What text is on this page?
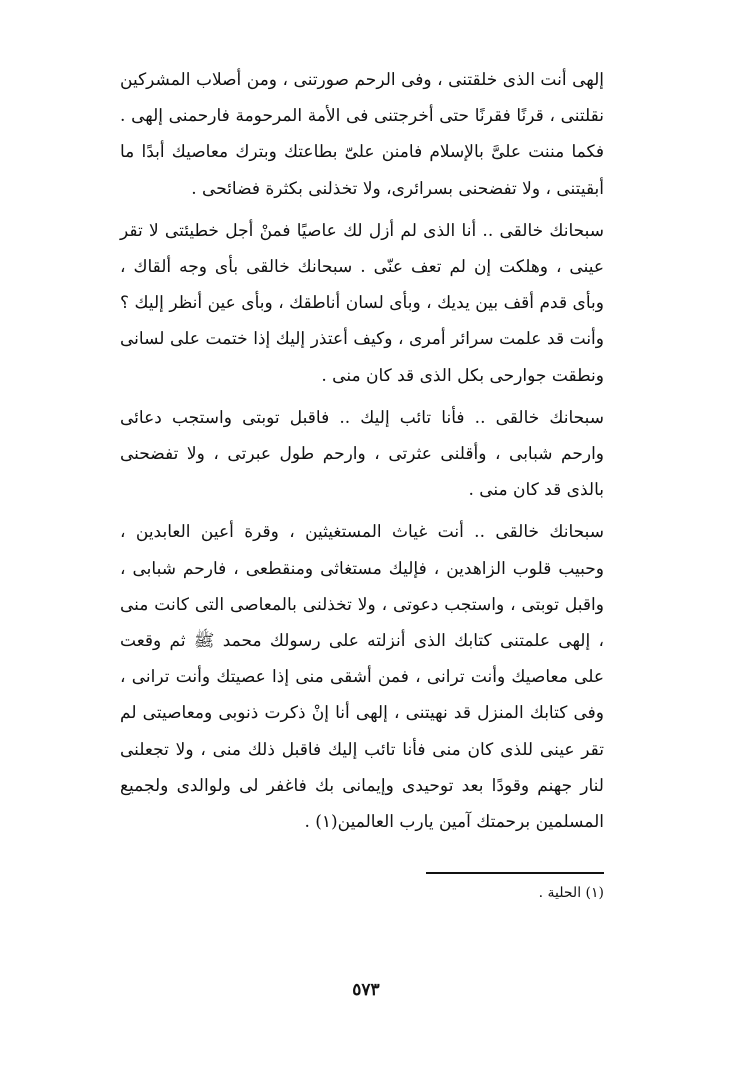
إلهى أنت الذى خلقتنى ، وفى الرحم صورتنى ، ومن أصلاب المشركين نقلتنى ، قرنًا فقرنًا حتى أخرجتنى فى الأمة المرحومة فارحمنى إلهى . فكما مننت علىَّ بالإسلام فامنن علىّ بطاعتك وبترك معاصيك أبدًا ما أبقيتنى ، ولا تفضحنى بسرائرى، ولا تخذلنى بكثرة فضائحى .

سبحانك خالقى .. أنا الذى لم أزل لك عاصيًا فمنْ أجل خطيئتى لا تقر عينى ، وهلكت إن لم تعف عنّى . سبحانك خالقى بأى وجه ألقاك ، وبأى قدم أقف بين يديك ، وبأى لسان أناطقك ، وبأى عين أنظر إليك ؟ وأنت قد علمت سرائر أمرى ، وكيف أعتذر إليك إذا ختمت على لسانى ونطقت جوارحى بكل الذى قد كان منى .

سبحانك خالقى .. فأنا تائب إليك .. فاقبل توبتى واستجب دعائى وارحم شبابى ، وأقلنى عثرتى ، وارحم طول عبرتى ، ولا تفضحنى بالذى قد كان منى .

سبحانك خالقى .. أنت غياث المستغيثين ، وقرة أعين العابدين ، وحبيب قلوب الزاهدين ، فإليك مستغاثى ومنقطعى ، فارحم شبابى ، واقبل توبتى ، واستجب دعوتى ، ولا تخذلنى بالمعاصى التى كانت منى ، إلهى علمتنى كتابك الذى أنزلته على رسولك محمد ﷺ ثم وقعت على معاصيك وأنت ترانى ، فمن أشقى منى إذا عصيتك وأنت ترانى ، وفى كتابك المنزل قد نهيتنى ، إلهى أنا إنْ ذكرت ذنوبى ومعاصيتى لم تقر عينى للذى كان منى فأنا تائب إليك فاقبل ذلك منى ، ولا تجعلنى لنار جهنم وقودًا بعد توحيدى وإيمانى بك فاغفر لى ولوالدى ولجميع المسلمين برحمتك آمين يارب العالمين(١) .

(١) الحلية .
٥٧٣
